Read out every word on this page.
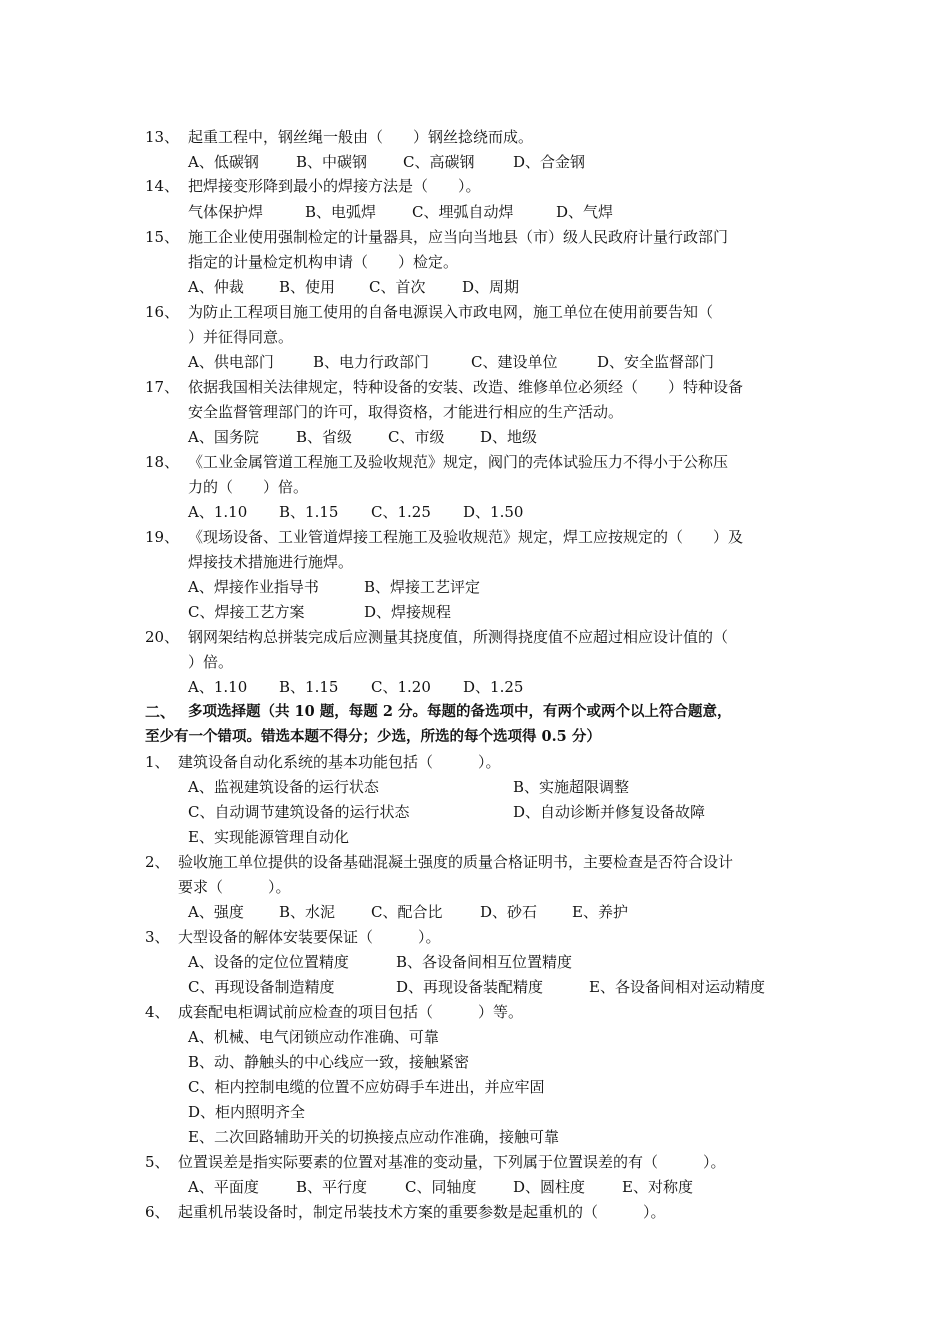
13、 起重工程中，钢丝绳一般由（　　）钢丝捻绕而成。
A、低碳钢 B、中碳钢 C、高碳钢	D、合金钢
14、 把焊接变形降到最小的焊接方法是（　　）。
气体保护焊	B、电弧焊 C、埋弧自动焊	D、气焊
15、 施工企业使用强制检定的计量器具，应当向当地县（市）级人民政府计量行政部门
指定的计量检定机构申请（　　）检定。
A、仲裁 B、使用 C、首次 D、周期
16、 为防止工程项目施工使用的自备电源误入市政电网，施工单位在使用前要告知（
）并征得同意。
A、供电部门	B、电力行政部门	C、建设单位	D、安全监督部门
17、 依据我国相关法律规定，特种设备的安装、改造、维修单位必须经（　　）特种设备
安全监督管理部门的许可，取得资格，才能进行相应的生产活动。
A、国务院 B、省级 C、市级 D、地级
18、 《工业金属管道工程施工及验收规范》规定，阀门的壳体试验压力不得小于公称压
力的（　　）倍。
A、1.10 B、1.15 C、1.25 D、1.50
19、 《现场设备、工业管道焊接工程施工及验收规范》规定，焊工应按规定的（　　）及
焊接技术措施进行施焊。
A、焊接作业指导书	B、焊接工艺评定
C、焊接工艺方案	D、焊接规程
20、 钢网架结构总拼装完成后应测量其挠度值，所测得挠度值不应超过相应设计值的（
）倍。
A、1.10 B、1.15 C、1.20 D、1.25
二、 多项选择题（共 10 题，每题 2 分。每题的备选项中，有两个或两个以上符合题意，
至少有一个错项。错选本题不得分；少选，所选的每个选项得 0.5 分）
1、 建筑设备自动化系统的基本功能包括（　　　）。
A、监视建筑设备的运行状态	B、实施超限调整
C、自动调节建筑设备的运行状态	D、自动诊断并修复设备故障
E、实现能源管理自动化
2、 验收施工单位提供的设备基础混凝土强度的质量合格证明书，主要检查是否符合设计
要求（　　　）。
A、强度 B、水泥 C、配合比	D、砂石 E、养护
3、 大型设备的解体安装要保证（　　　）。
A、设备的定位位置精度	B、各设备间相互位置精度
C、再现设备制造精度	D、再现设备装配精度	E、各设备间相对运动精度
4、 成套配电柜调试前应检查的项目包括（　　　）等。
A、机械、电气闭锁应动作准确、可靠
B、动、静触头的中心线应一致，接触紧密
C、柜内控制电缆的位置不应妨碍手车进出，并应牢固
D、柜内照明齐全
E、二次回路辅助开关的切换接点应动作准确，接触可靠
5、 位置误差是指实际要素的位置对基准的变动量，下列属于位置误差的有（　　　）。
A、平面度 B、平行度	C、同轴度 D、圆柱度 E、对称度
6、 起重机吊装设备时，制定吊装技术方案的重要参数是起重机的（　　　）。
